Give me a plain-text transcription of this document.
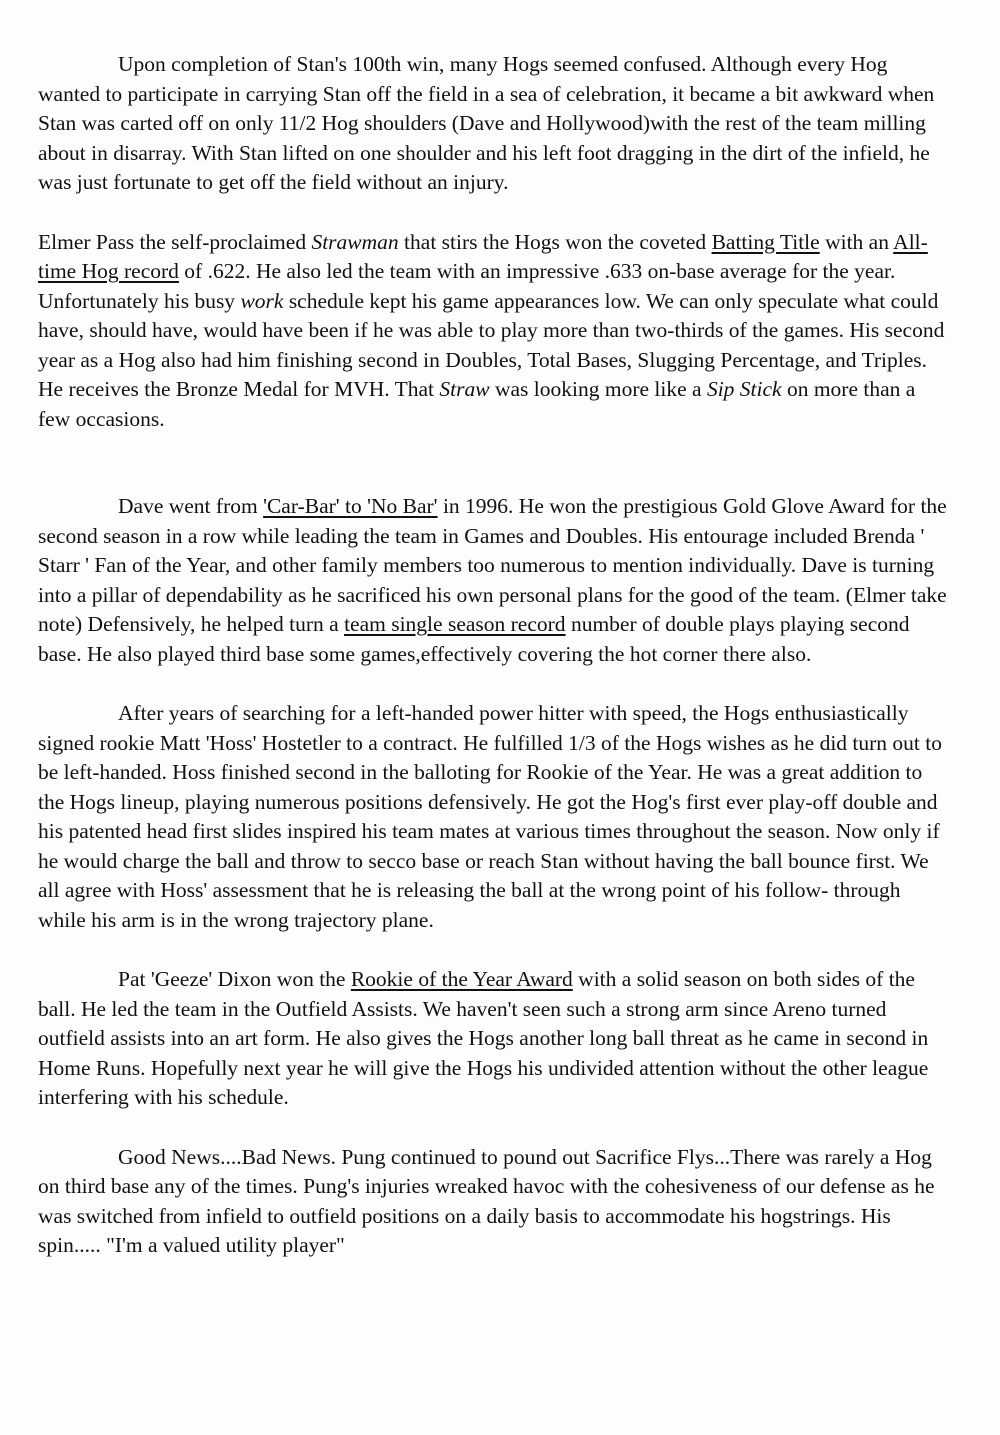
Upon completion of Stan's 100th win, many Hogs seemed confused. Although every Hog wanted to participate in carrying Stan off the field in a sea of celebration, it became a bit awkward when Stan was carted off on only 11/2 Hog shoulders (Dave and Hollywood)with the rest of the team milling about in disarray. With Stan lifted on one shoulder and his left foot dragging in the dirt of the infield, he was just fortunate to get off the field without an injury.

Elmer Pass the self-proclaimed Strawman that stirs the Hogs won the coveted Batting Title with an All-time Hog record of .622. He also led the team with an impressive .633 on-base average for the year. Unfortunately his busy work schedule kept his game appearances low. We can only speculate what could have, should have, would have been if he was able to play more than two-thirds of the games. His second year as a Hog also had him finishing second in Doubles, Total Bases, Slugging Percentage, and Triples. He receives the Bronze Medal for MVH. That Straw was looking more like a Sip Stick on more than a few occasions.

Dave went from 'Car-Bar' to 'No Bar' in 1996. He won the prestigious Gold Glove Award for the second season in a row while leading the team in Games and Doubles. His entourage included Brenda ' Starr ' Fan of the Year, and other family members too numerous to mention individually. Dave is turning into a pillar of dependability as he sacrificed his own personal plans for the good of the team. (Elmer take note) Defensively, he helped turn a team single season record number of double plays playing second base. He also played third base some games,effectively covering the hot corner there also.

After years of searching for a left-handed power hitter with speed, the Hogs enthusiastically signed rookie Matt 'Hoss' Hostetler to a contract. He fulfilled 1/3 of the Hogs wishes as he did turn out to be left-handed. Hoss finished second in the balloting for Rookie of the Year. He was a great addition to the Hogs lineup, playing numerous positions defensively. He got the Hog's first ever play-off double and his patented head first slides inspired his team mates at various times throughout the season. Now only if he would charge the ball and throw to secco base or reach Stan without having the ball bounce first. We all agree with Hoss' assessment that he is releasing the ball at the wrong point of his follow- through while his arm is in the wrong trajectory plane.

Pat 'Geeze' Dixon won the Rookie of the Year Award with a solid season on both sides of the ball. He led the team in the Outfield Assists. We haven't seen such a strong arm since Areno turned outfield assists into an art form. He also gives the Hogs another long ball threat as he came in second in Home Runs. Hopefully next year he will give the Hogs his undivided attention without the other league interfering with his schedule.

Good News....Bad News. Pung continued to pound out Sacrifice Flys...There was rarely a Hog on third base any of the times. Pung's injuries wreaked havoc with the cohesiveness of our defense as he was switched from infield to outfield positions on a daily basis to accommodate his hogstrings. His spin..... "I'm a valued utility player"
